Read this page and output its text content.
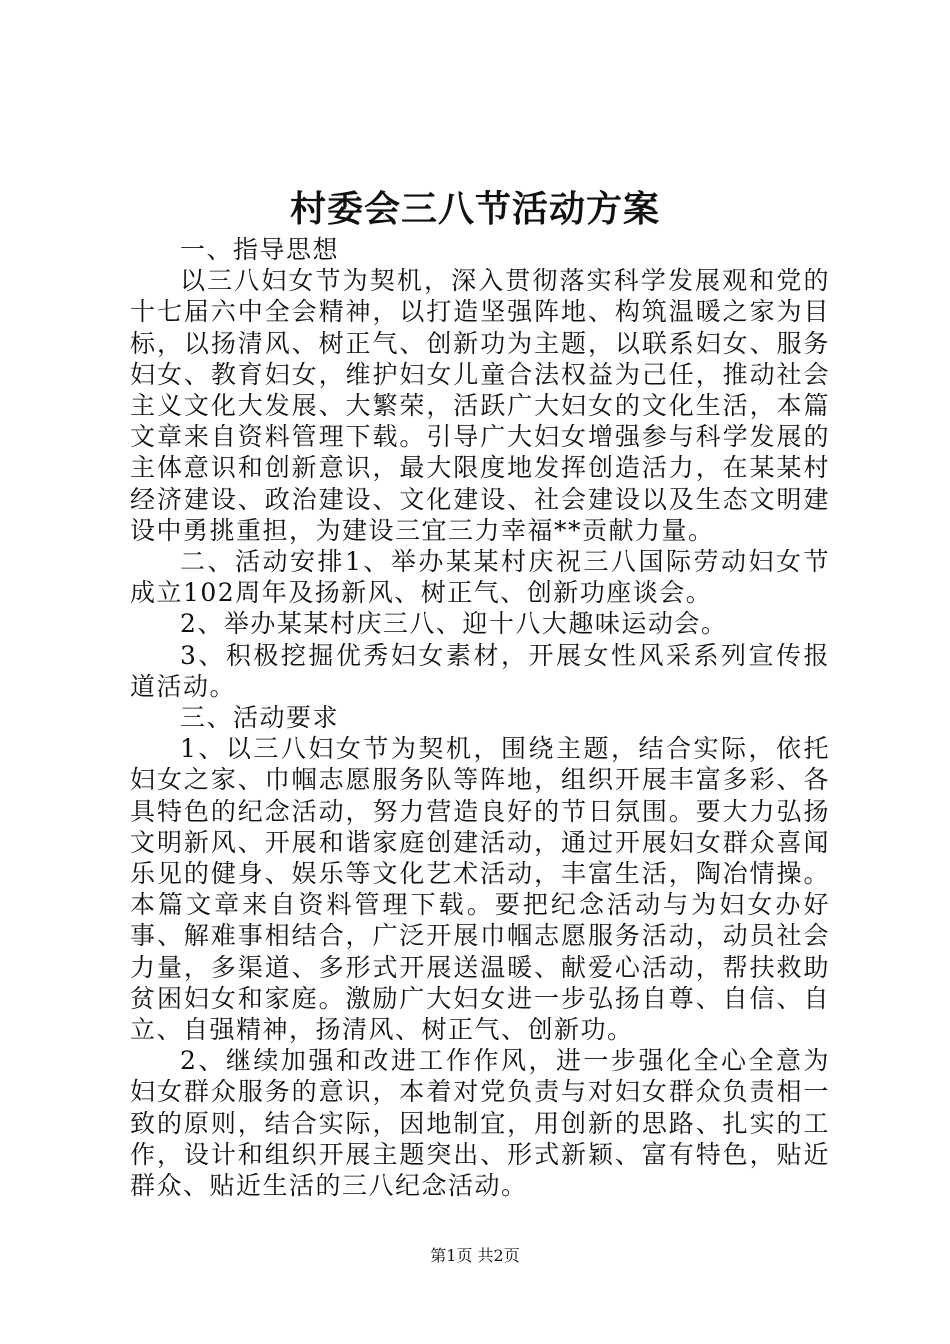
村委会三八节活动方案

一、指导思想

以三八妇女节为契机，深入贯彻落实科学发展观和党的十七届六中全会精神，以打造坚强阵地、构筑温暖之家为目标，以扬清风、树正气、创新功为主题，以联系妇女、服务妇女、教育妇女，维护妇女儿童合法权益为己任，推动社会主义文化大发展、大繁荣，活跃广大妇女的文化生活，本篇文章来自资料管理下载。引导广大妇女增强参与科学发展的主体意识和创新意识，最大限度地发挥创造活力，在某某村经济建设、政治建设、文化建设、社会建设以及生态文明建设中勇挑重担，为建设三宜三力幸福**贡献力量。

二、活动安排1、举办某某村庆祝三八国际劳动妇女节成立102周年及扬新风、树正气、创新功座谈会。

2、举办某某村庆三八、迎十八大趣味运动会。

3、积极挖掘优秀妇女素材，开展女性风采系列宣传报道活动。

三、活动要求

1、以三八妇女节为契机，围绕主题，结合实际，依托妇女之家、巾帼志愿服务队等阵地，组织开展丰富多彩、各具特色的纪念活动，努力营造良好的节日氛围。要大力弘扬文明新风、开展和谐家庭创建活动，通过开展妇女群众喜闻乐见的健身、娱乐等文化艺术活动，丰富生活，陶冶情操。本篇文章来自资料管理下载。要把纪念活动与为妇女办好事、解难事相结合，广泛开展巾帼志愿服务活动，动员社会力量，多渠道、多形式开展送温暖、献爱心活动，帮扶救助贫困妇女和家庭。激励广大妇女进一步弘扬自尊、自信、自立、自强精神，扬清风、树正气、创新功。

2、继续加强和改进工作作风，进一步强化全心全意为妇女群众服务的意识，本着对党负责与对妇女群众负责相一致的原则，结合实际，因地制宜，用创新的思路、扎实的工作，设计和组织开展主题突出、形式新颖、富有特色，贴近群众、贴近生活的三八纪念活动。

第1页 共2页
